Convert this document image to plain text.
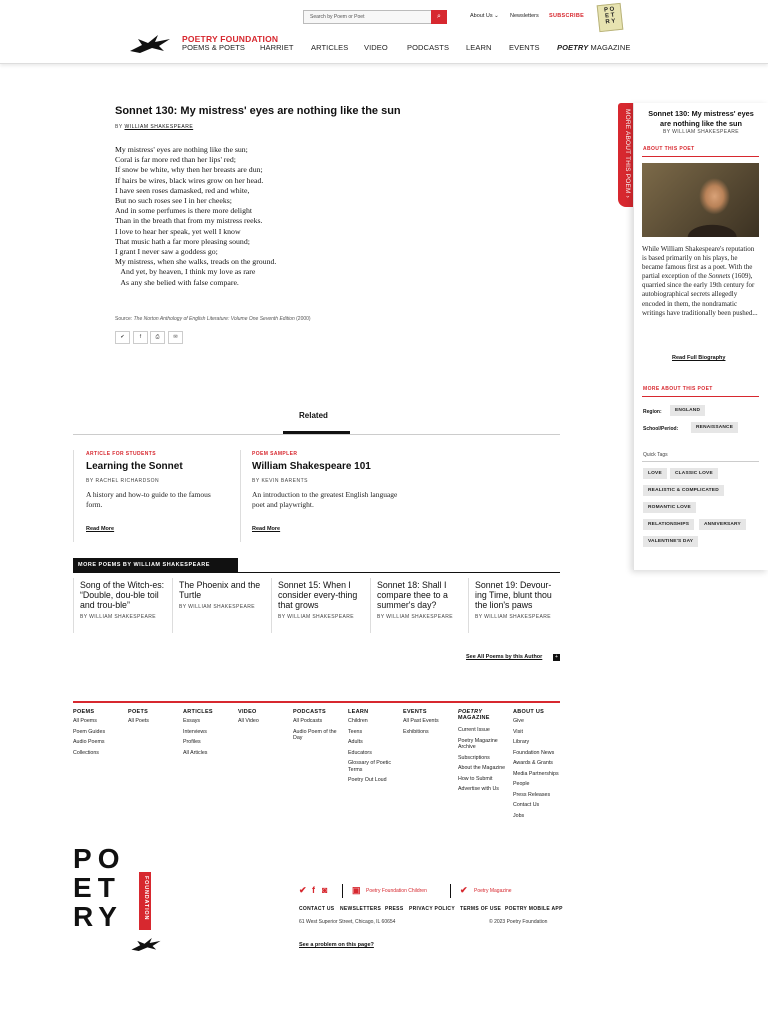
Search by Poem or Poet	⌕	About Us ⌄ Newsletters SUBSCRIBE
P O
E T
R Y
POETRY FOUNDATION
POEMS & POETS HARRIET ARTICLES VIDEO	PODCASTS LEARN EVENTS POETRY MAGAZINE
Sonnet 130: My mistress' eyes are nothing like the sun
BY WILLIAM SHAKESPEARE
My mistress' eyes are nothing like the sun;
Coral is far more red than her lips' red;
If snow be white, why then her breasts are dun;
If hairs be wires, black wires grow on her head.
I have seen roses damasked, red and white,
But no such roses see I in her cheeks;
And in some perfumes is there more delight
Than in the breath that from my mistress reeks.
I love to hear her speak, yet well I know
That music hath a far more pleasing sound;
I grant I never saw a goddess go;
My mistress, when she walks, treads on the ground.
And yet, by heaven, I think my love as rare
As any she belied with false compare.
Source: The Norton Anthology of English Literature: Volume One Seventh Edition (2000)
✔	f	⎙	✉
Related
ARTICLE FOR STUDENTS
Learning the Sonnet
BY RACHEL RICHARDSON
A history and how-to guide to the famous form.
Read More
POEM SAMPLER
William Shakespeare 101
BY KEVIN BARENTS
An introduction to the greatest English language poet and playwright.
Read More
MORE POEMS BY WILLIAM SHAKESPEARE
Song of the Witch-es: “Double, dou-ble toil and trou-ble”
BY WILLIAM SHAKESPEARE
The Phoenix and the Turtle
BY WILLIAM SHAKESPEARE
Sonnet 15: When I consider every-thing that grows
BY WILLIAM SHAKESPEARE
Sonnet 18: Shall I compare thee to a summer's day?
BY WILLIAM SHAKESPEARE
Sonnet 19: Devour-ing Time, blunt thou the lion's paws
BY WILLIAM SHAKESPEARE
See All Poems by this Author	+
POEMS
All Poems
Poem Guides
Audio Poems
Collections
POETS
All Poets
ARTICLES
Essays
Interviews
Profiles
All Articles
VIDEO
All Video
PODCASTS
All Podcasts
Audio Poem of the Day
LEARN
Children
Teens
Adults
Educators
Glossary of Poetic Terms
Poetry Out Loud
EVENTS
All Past Events
Exhibitions
POETRY
MAGAZINE
Current Issue
Poetry Magazine Archive
Subscriptions
About the Magazine
How to Submit
Advertise with Us
ABOUT US
Give
Visit
Library
Foundation News
Awards & Grants
Media Partnerships
People
Press Releases
Contact Us
Jobs
PO
ET
RY	FOUNDATION	✔ f ◙	▣ Poetry Foundation Children	✔ Poetry Magazine
CONTACT US NEWSLETTERS PRESS PRIVACY POLICY TERMS OF USE POETRY MOBILE APP
61 West Superior Street, Chicago, IL 60654	© 2023 Poetry Foundation
See a problem on this page?
MORE ABOUT THIS POEM ›	Sonnet 130: My mistress' eyes are nothing like the sun
BY WILLIAM SHAKESPEARE
ABOUT THIS POET
While William Shakespeare's reputation is based primarily on his plays, he became famous first as a poet. With the partial exception of the Sonnets (1609), quarried since the early 19th century for autobiographical secrets allegedly encoded in them, the nondramatic writings have traditionally been pushed...
Read Full Biography
MORE ABOUT THIS POET
Region:	ENGLAND
School/Period:	RENAISSANCE
Quick Tags
LOVE	CLASSIC LOVE
REALISTIC & COMPLICATED
ROMANTIC LOVE
RELATIONSHIPS	ANNIVERSARY
VALENTINE'S DAY
